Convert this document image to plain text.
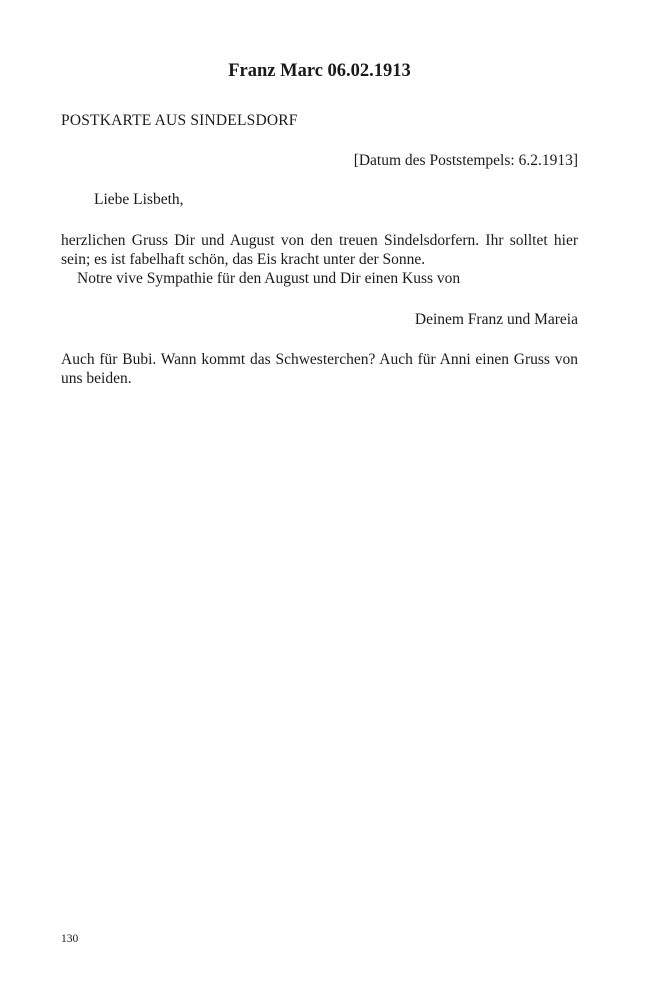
Franz Marc 06.02.1913

POSTKARTE AUS SINDELSDORF

[Datum des Poststempels: 6.2.1913]

Liebe Lisbeth,

herzlichen Gruss Dir und August von den treuen Sindelsdorfern. Ihr solltet hier sein; es ist fabelhaft schön, das Eis kracht unter der Sonne.
Notre vive Sympathie für den August und Dir einen Kuss von

Deinem Franz und Mareia

Auch für Bubi. Wann kommt das Schwesterchen? Auch für Anni einen Gruss von uns beiden.

130
